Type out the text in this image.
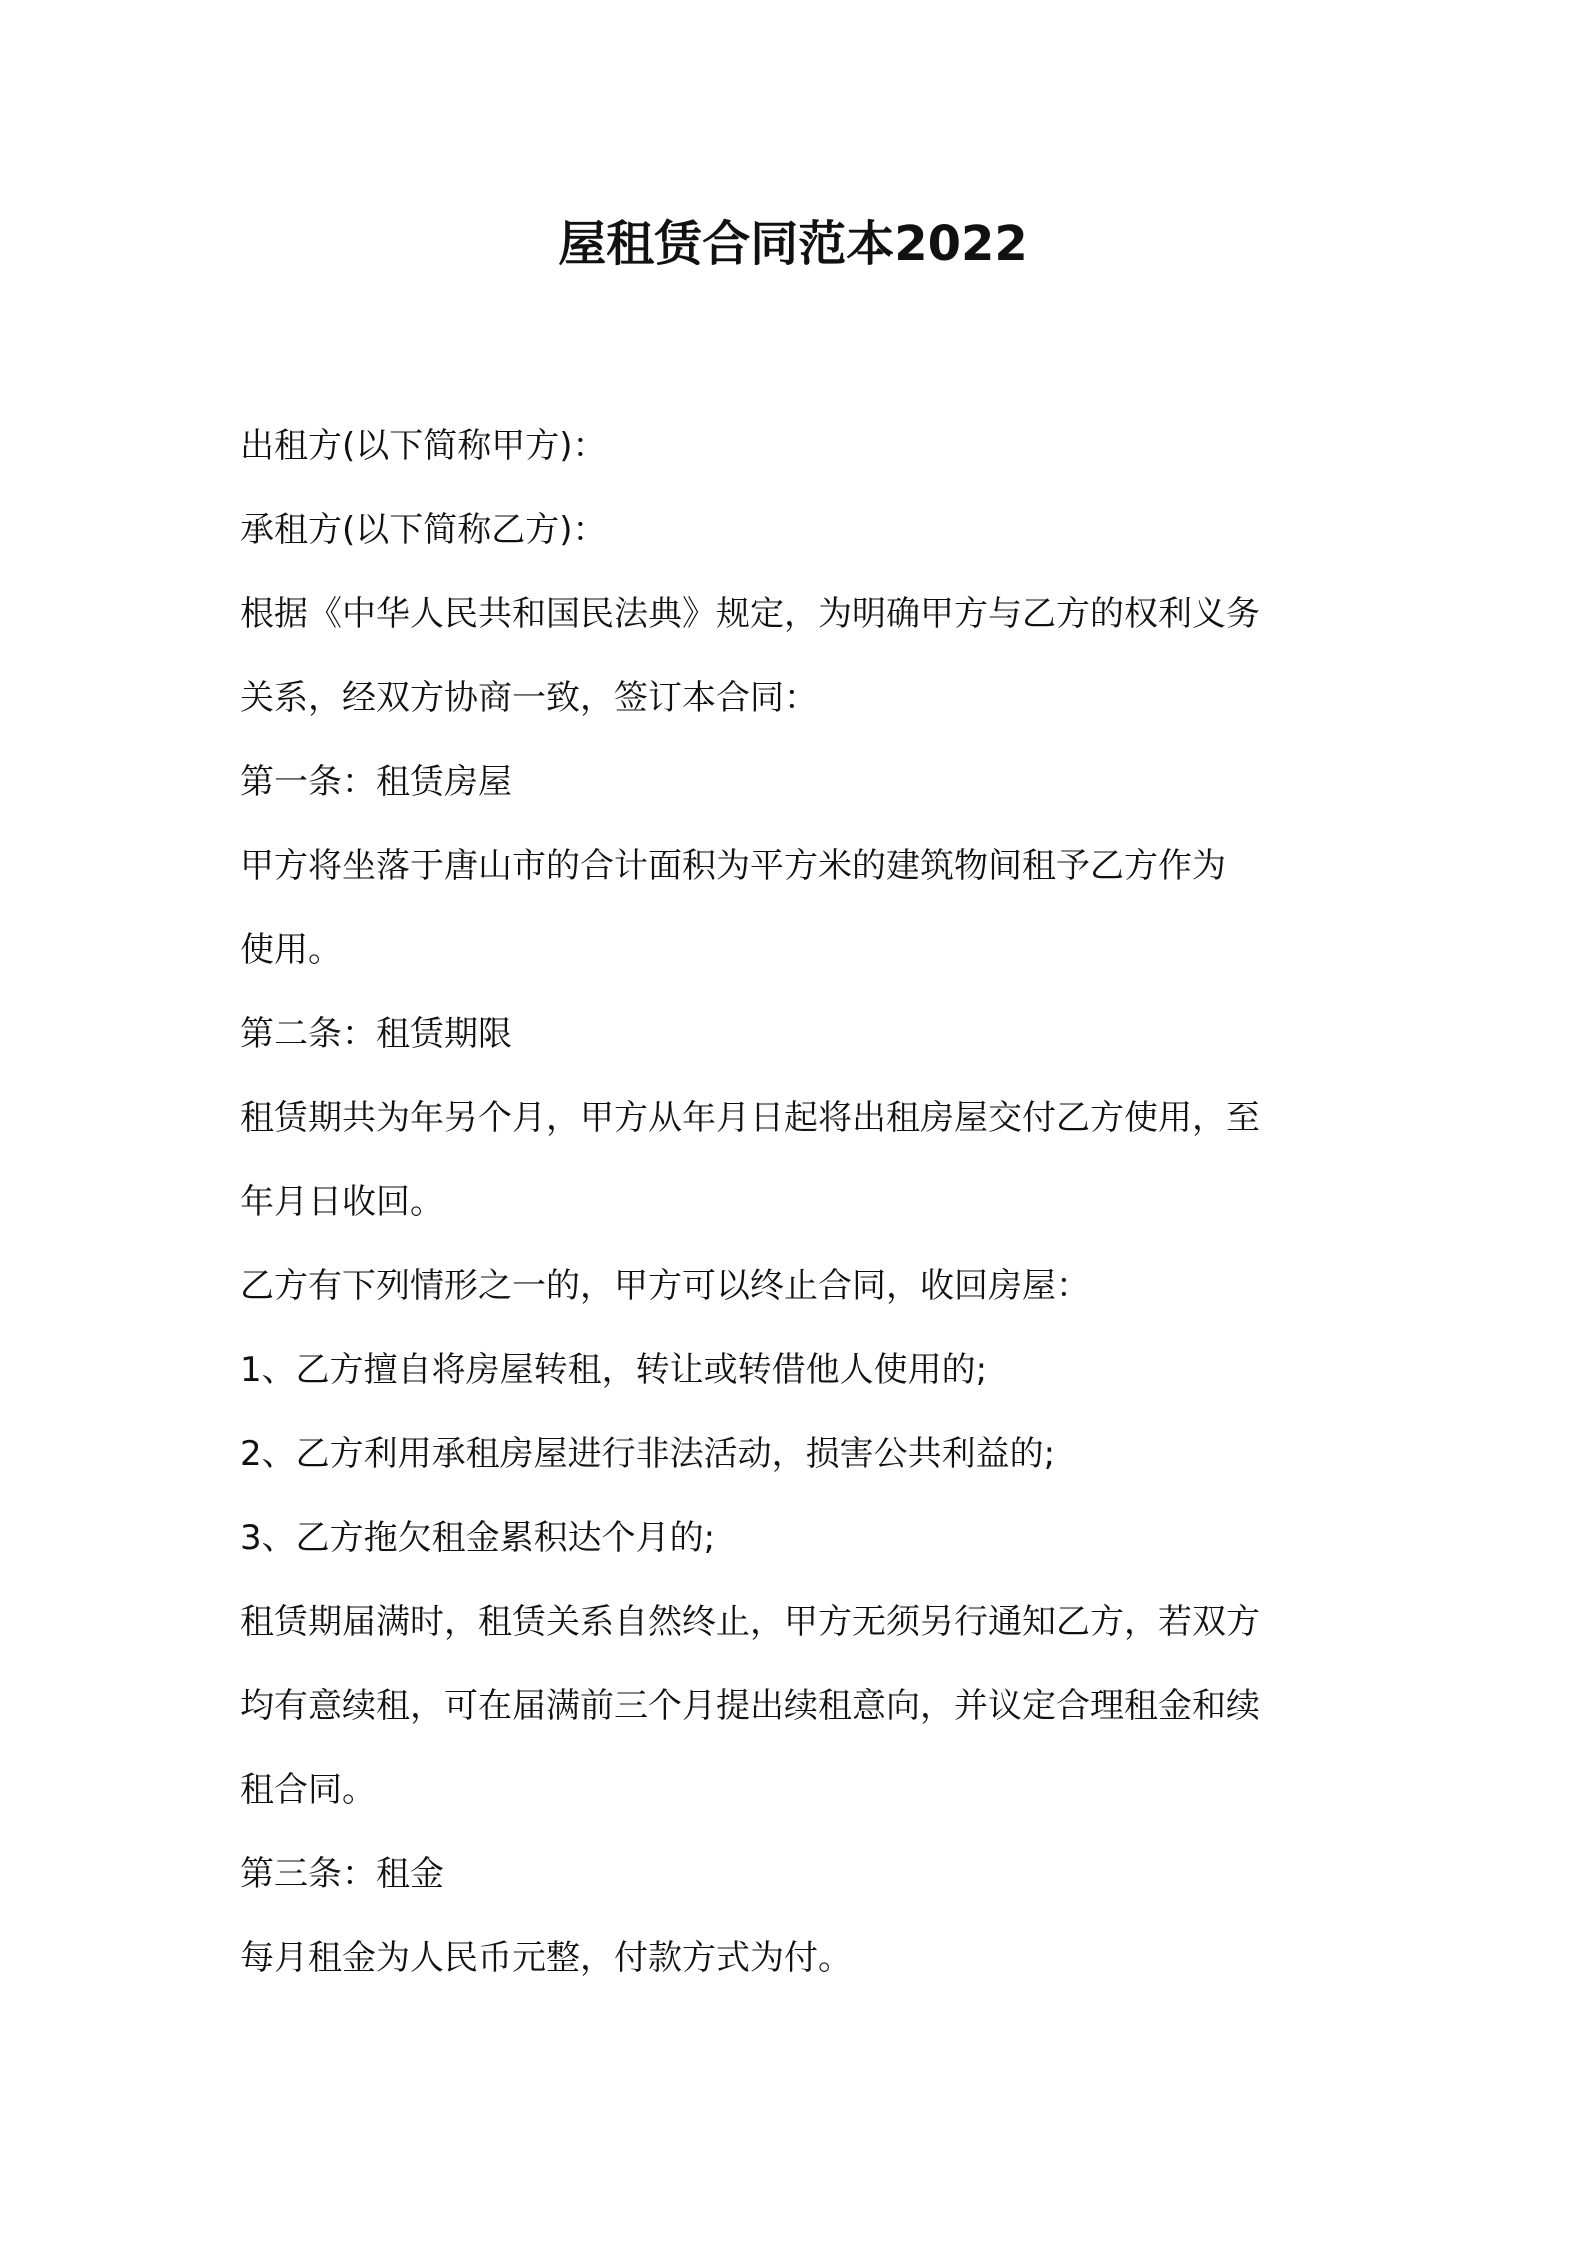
屋租赁合同范本2022

出租方(以下简称甲方)：

承租方(以下简称乙方)：

根据《中华人民共和国民法典》规定，为明确甲方与乙方的权利义务

关系，经双方协商一致，签订本合同：

第一条：租赁房屋

甲方将坐落于唐山市的合计面积为平方米的建筑物间租予乙方作为

使用。

第二条：租赁期限

租赁期共为年另个月，甲方从年月日起将出租房屋交付乙方使用，至

年月日收回。

乙方有下列情形之一的，甲方可以终止合同，收回房屋：

1、乙方擅自将房屋转租，转让或转借他人使用的;

2、乙方利用承租房屋进行非法活动，损害公共利益的;

3、乙方拖欠租金累积达个月的;

租赁期届满时，租赁关系自然终止，甲方无须另行通知乙方，若双方

均有意续租，可在届满前三个月提出续租意向，并议定合理租金和续

租合同。

第三条：租金

每月租金为人民币元整，付款方式为付。
